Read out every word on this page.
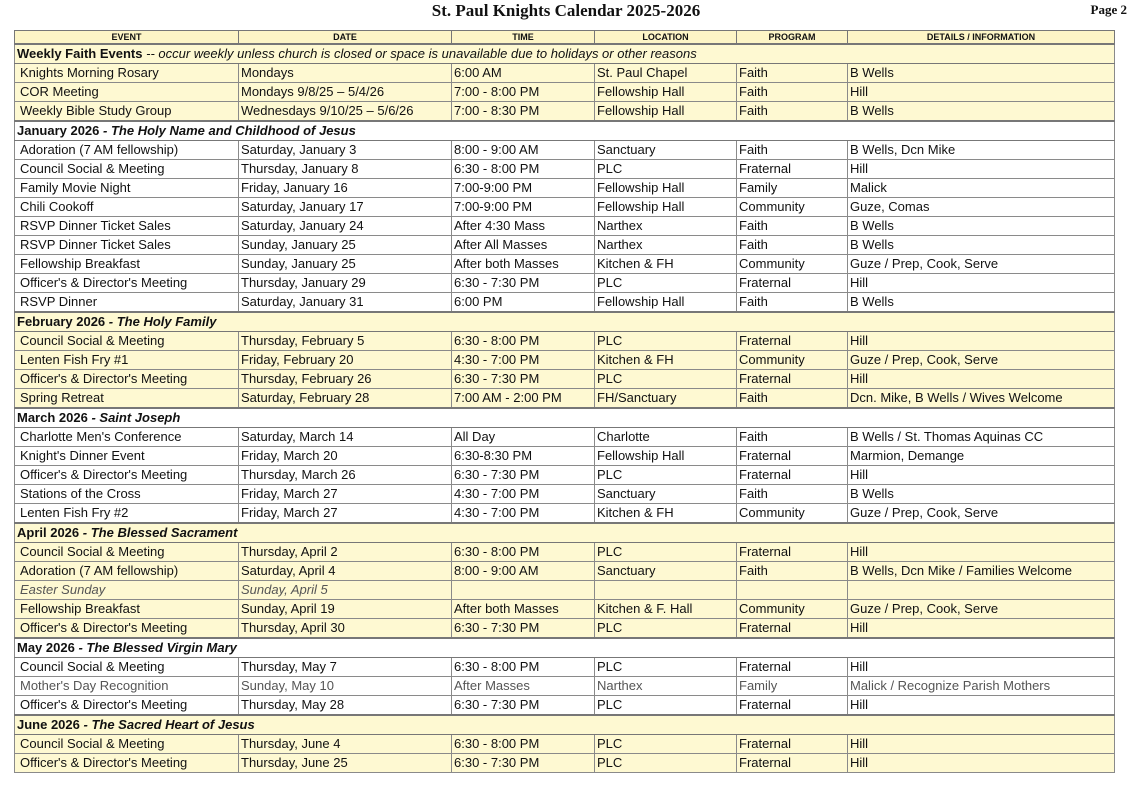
St. Paul Knights Calendar 2025-2026	Page 2
EVENT	DATE	TIME	LOCATION	PROGRAM	DETAILS / INFORMATION
Weekly Faith Events -- occur weekly unless church is closed or space is unavailable due to holidays or other reasons					
Knights Morning Rosary	Mondays	6:00 AM	St. Paul Chapel	Faith	B Wells
COR Meeting	Mondays 9/8/25 – 5/4/26	7:00 - 8:00 PM	Fellowship Hall	Faith	Hill
Weekly Bible Study Group	Wednesdays 9/10/25 – 5/6/26	7:00 - 8:30 PM	Fellowship Hall	Faith	B Wells
January 2026 - The Holy Name and Childhood of Jesus					
Adoration (7 AM fellowship)	Saturday, January 3	8:00 - 9:00 AM	Sanctuary	Faith	B Wells, Dcn Mike
Council Social & Meeting	Thursday, January 8	6:30 - 8:00 PM	PLC	Fraternal	Hill
Family Movie Night	Friday, January 16	7:00-9:00 PM	Fellowship Hall	Family	Malick
Chili Cookoff	Saturday, January 17	7:00-9:00 PM	Fellowship Hall	Community	Guze, Comas
RSVP Dinner Ticket Sales	Saturday, January 24	After 4:30 Mass	Narthex	Faith	B Wells
RSVP Dinner Ticket Sales	Sunday, January 25	After All Masses	Narthex	Faith	B Wells
Fellowship Breakfast	Sunday, January 25	After both Masses	Kitchen & FH	Community	Guze / Prep, Cook, Serve
Officer's & Director's Meeting	Thursday, January 29	6:30 - 7:30 PM	PLC	Fraternal	Hill
RSVP Dinner	Saturday, January 31	6:00 PM	Fellowship Hall	Faith	B Wells
February 2026 - The Holy Family					
Council Social & Meeting	Thursday, February 5	6:30 - 8:00 PM	PLC	Fraternal	Hill
Lenten Fish Fry #1	Friday, February 20	4:30 - 7:00 PM	Kitchen & FH	Community	Guze / Prep, Cook, Serve
Officer's & Director's Meeting	Thursday, February 26	6:30 - 7:30 PM	PLC	Fraternal	Hill
Spring Retreat	Saturday, February 28	7:00 AM - 2:00 PM	FH/Sanctuary	Faith	Dcn. Mike, B Wells / Wives Welcome
March 2026 - Saint Joseph					
Charlotte Men's Conference	Saturday, March 14	All Day	Charlotte	Faith	B Wells / St. Thomas Aquinas CC
Knight's Dinner Event	Friday, March 20	6:30-8:30 PM	Fellowship Hall	Fraternal	Marmion, Demange
Officer's & Director's Meeting	Thursday, March 26	6:30 - 7:30 PM	PLC	Fraternal	Hill
Stations of the Cross	Friday, March 27	4:30 - 7:00 PM	Sanctuary	Faith	B Wells
Lenten Fish Fry #2	Friday, March 27	4:30 - 7:00 PM	Kitchen & FH	Community	Guze / Prep, Cook, Serve
April 2026 - The Blessed Sacrament					
Council Social & Meeting	Thursday, April 2	6:30 - 8:00 PM	PLC	Fraternal	Hill
Adoration (7 AM fellowship)	Saturday, April 4	8:00 - 9:00 AM	Sanctuary	Faith	B Wells, Dcn Mike / Families Welcome
Easter Sunday	Sunday, April 5				
Fellowship Breakfast	Sunday, April 19	After both Masses	Kitchen & F. Hall	Community	Guze / Prep, Cook, Serve
Officer's & Director's Meeting	Thursday, April 30	6:30 - 7:30 PM	PLC	Fraternal	Hill
May 2026 - The Blessed Virgin Mary					
Council Social & Meeting	Thursday, May 7	6:30 - 8:00 PM	PLC	Fraternal	Hill
Mother's Day Recognition	Sunday, May 10	After Masses	Narthex	Family	Malick / Recognize Parish Mothers
Officer's & Director's Meeting	Thursday, May 28	6:30 - 7:30 PM	PLC	Fraternal	Hill
June 2026 - The Sacred Heart of Jesus					
Council Social & Meeting	Thursday, June 4	6:30 - 8:00 PM	PLC	Fraternal	Hill
Officer's & Director's Meeting	Thursday, June 25	6:30 - 7:30 PM	PLC	Fraternal	Hill
